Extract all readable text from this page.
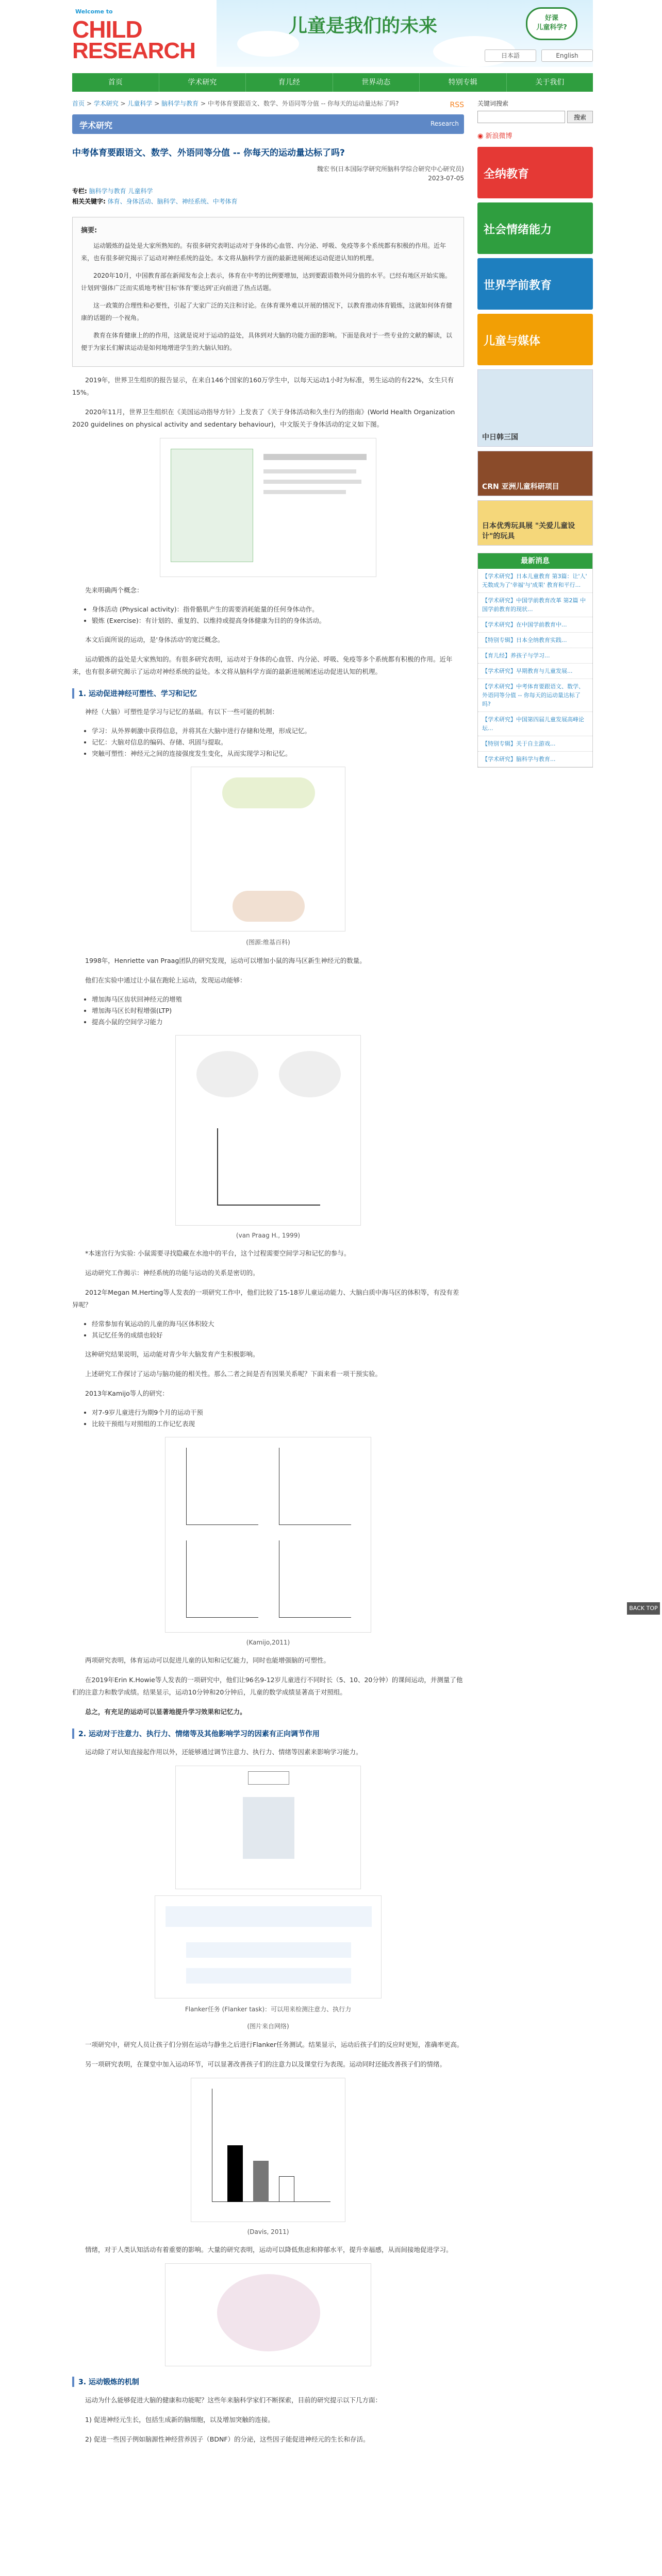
Welcome to
CHILD
RESEARCH
儿童是我们的未来	好课
儿童科学?
日本語	English
首页	学术研究	育儿经	世界动态	特别专辑	关于我们
首页 > 学术研究 > 儿童科学 > 脑科学与教育 > 中考体育要跟语文、数学、外语同等分值 -- 你每天的运动量达标了吗?	RSS
学术研究	Research
中考体育要跟语文、数学、外语同等分值 -- 你每天的运动量达标了吗?
魏宏书(日本国际学研究所脑科学综合研究中心研究员)
2023-07-05
专栏: 脑科学与教育 儿童科学
相关关键字: 体育、身体活动、脑科学、神经系统、中考体育
摘要:

运动锻炼的益处是大家所熟知的。有很多研究表明运动对于身体的心血管、内分泌、呼吸、免疫等多个系统都有积极的作用。近年来，也有很多研究揭示了运动对神经系统的益处。本文将从脑科学方面的最新进展阐述运动促进认知的机理。

2020年10月，中国教育部在新闻发布会上表示，体育在中考的比例要增加，达到要跟语数外同分值的水平。已经有地区开始实施。计划到'强体广泛而实质地考核'目标'体育'要达到'正向前进了热点话题。

这一政策的合理性和必要性，引起了大家广泛的关注和讨论。在体育课外难以开展的情况下，以教育推动体育锻炼，这就如何体育健康的话题的一个视角。

教育在体育健康上的的作用，这就是说对于运动的益处，具体到对大脑的功能方面的影响。下面是我对于一些专业的文献的解读，以便于为家长们解读运动是如何地增进学生的大脑认知的。

2019年，世界卫生组织的报告显示，在来自146个国家的160万学生中，以每天运动1小时为标准，男生运动的有22%，女生只有15%。

2020年11月，世界卫生组织在《美国运动指导方针》上发表了《关于身体活动和久坐行为的指南》(World Health Organization 2020 guidelines on physical activity and sedentary behaviour)，中文版关于身体活动的定义如下图。

先来明确两个概念：

• 身体活动 (Physical activity)：指骨骼肌产生的需要消耗能量的任何身体动作。
• 锻炼 (Exercise)：有计划的、重复的、以维持或提高身体健康为目的的身体活动。

本文后面所说的运动，是'身体活动'的宽泛概念。

运动锻炼的益处是大家熟知的。有很多研究表明，运动对于身体的心血管、内分泌、呼吸、免疫等多个系统都有积极的作用。近年来，也有很多研究揭示了运动对神经系统的益处。本文将从脑科学方面的最新进展阐述运动促进认知的机理。

1. 运动促进神经可塑性、学习和记忆

神经（大脑）可塑性是学习与记忆的基础。有以下一些可能的机制：

• 学习：从外界刺激中获得信息，并将其在大脑中进行存储和处理，形成记忆。
• 记忆：大脑对信息的编码、存储、巩固与提取。
• 突触可塑性：神经元之间的连接强度发生变化，从而实现学习和记忆。
(图源:维基百科)

1998年，Henriette van Praag团队的研究发现，运动可以增加小鼠的海马区新生神经元的数量。

他们在实验中通过让小鼠在跑轮上运动，发现运动能够：

• 增加海马区齿状回神经元的增殖
• 增加海马区长时程增强(LTP)
• 提高小鼠的空间学习能力
(van Praag H., 1999)

*本迷宫行为实验: 小鼠需要寻找隐藏在水池中的平台，这个过程需要空间学习和记忆的参与。

运动研究工作揭示：神经系统的功能与运动的关系是密切的。

2012年Megan M.Herting等人发表的一项研究工作中，他们比较了15-18岁儿童运动能力、大脑白质中海马区的体积等，有没有差异呢？

• 经常参加有氧运动的儿童的海马区体积较大
• 其记忆任务的成绩也较好

这种研究结果说明，运动能对青少年大脑发育产生积极影响。

上述研究工作探讨了运动与脑功能的相关性。那么二者之间是否有因果关系呢？下面来看一项干预实验。

2013年Kamijo等人的研究：

• 对7-9岁儿童进行为期9个月的运动干预
• 比较干预组与对照组的工作记忆表现
(Kamijo,2011)

两项研究表明，体育运动可以促进儿童的认知和记忆能力，同时也能增强脑的可塑性。

在2019年Erin K.Howie等人发表的一项研究中，他们让96名9-12岁儿童进行不同时长（5、10、20分钟）的课间运动，并测量了他们的注意力和数学成绩。结果显示，运动10分钟和20分钟后，儿童的数学成绩显著高于对照组。

总之，有充足的运动可以显著地提升学习效果和记忆力。

2. 运动对于注意力、执行力、情绪等及其他影响学习的因素有正向调节作用

运动除了对认知直接起作用以外，还能够通过调节注意力、执行力、情绪等因素来影响学习能力。

Flanker任务 (Flanker task)：可以用来检测注意力、执行力
(图片来自网络)

一项研究中，研究人员让孩子们分别在运动与静坐之后进行Flanker任务测试。结果显示，运动后孩子们的反应时更短，准确率更高。

另一项研究表明，在课堂中加入运动环节，可以显著改善孩子们的注意力以及课堂行为表现。运动同时还能改善孩子们的情绪。

(Davis, 2011)

情绪，对于人类认知活动有着重要的影响。大量的研究表明，运动可以降低焦虑和抑郁水平，提升幸福感，从而间接地促进学习。

3. 运动锻炼的机制

运动为什么能够促进大脑的健康和功能呢？这些年来脑科学家们不断探索，目前的研究提示以下几方面：

1) 促进神经元生长，包括生成新的脑细胞，以及增加突触的连接。

2) 促进一些因子例如脑源性神经营养因子（BDNF）的分泌，这些因子能促进神经元的生长和存活。

关键词搜索
搜索
◉ 新浪微博
全纳教育
社会情绪能力
世界学前教育
儿童与媒体
中日韩三国
CRN 亚洲儿童科研项目
日本优秀玩具展 "关爱儿童设计"的玩具
最新消息
【学术研究】日本儿童教育 第3篇：让'人' 无数成为了'幸福'与'成果' 教育和平行...
【学术研究】中国学前教育改革 第2篇 中国学前教育的现状...
【学术研究】在中国学前教育中...
【特别专辑】日本全纳教育实践...
【育儿经】养孩子与学习...
【学术研究】早期教育与儿童发展...
【学术研究】中考体育要跟语文、数学、外语同等分值 -- 你每天的运动量达标了吗?
【学术研究】中国第四届儿童发展高峰论坛...
【特别专辑】关于自主游戏...
【学术研究】脑科学与教育...
BACK TOP
